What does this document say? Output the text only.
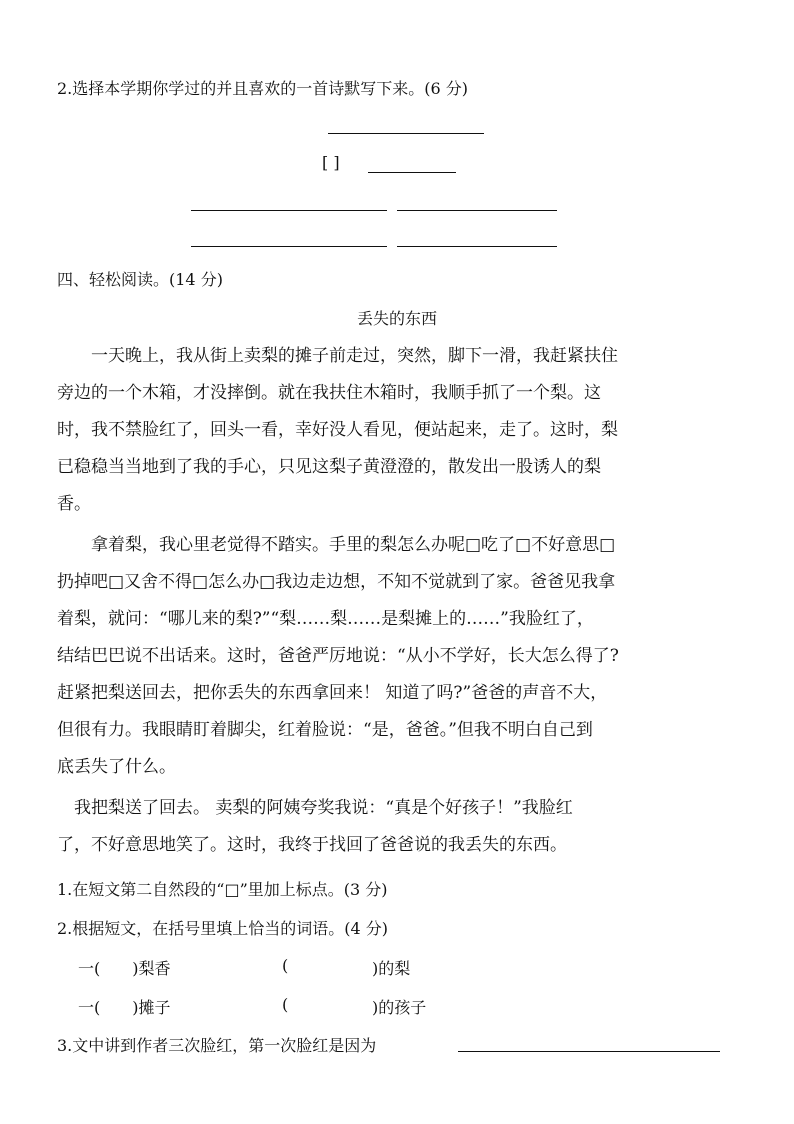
2.选择本学期你学过的并且喜欢的一首诗默写下来。(6 分)
[ ]
四、轻松阅读。(14 分)
丢失的东西

　　一天晚上，我从街上卖梨的摊子前走过，突然，脚下一滑，我赶紧扶住

旁边的一个木箱，才没摔倒。就在我扶住木箱时，我顺手抓了一个梨。这

时，我不禁脸红了，回头一看，幸好没人看见，便站起来，走了。这时，梨

已稳稳当当地到了我的手心，只见这梨子黄澄澄的，散发出一股诱人的梨

香。

　　拿着梨，我心里老觉得不踏实。手里的梨怎么办呢□吃了□不好意思□

扔掉吧□又舍不得□怎么办□我边走边想，不知不觉就到了家。爸爸见我拿

着梨，就问：“哪儿来的梨?”“梨……梨……是梨摊上的……”我脸红了，

结结巴巴说不出话来。这时，爸爸严厉地说：“从小不学好，长大怎么得了?

赶紧把梨送回去，把你丢失的东西拿回来！ 知道了吗?”爸爸的声音不大，

但很有力。我眼睛盯着脚尖，红着脸说：“是，爸爸。”但我不明白自己到

底丢失了什么。

　我把梨送了回去。 卖梨的阿姨夸奖我说：“真是个好孩子！”我脸红

了，不好意思地笑了。这时，我终于找回了爸爸说的我丢失的东西。

1.在短文第二自然段的“□”里加上标点。(3 分)
2.根据短文，在括号里填上恰当的词语。(4 分)
一(　　)梨香	(	)的梨
一(　　)摊子	(	)的孩子
3.文中讲到作者三次脸红，第一次脸红是因为
